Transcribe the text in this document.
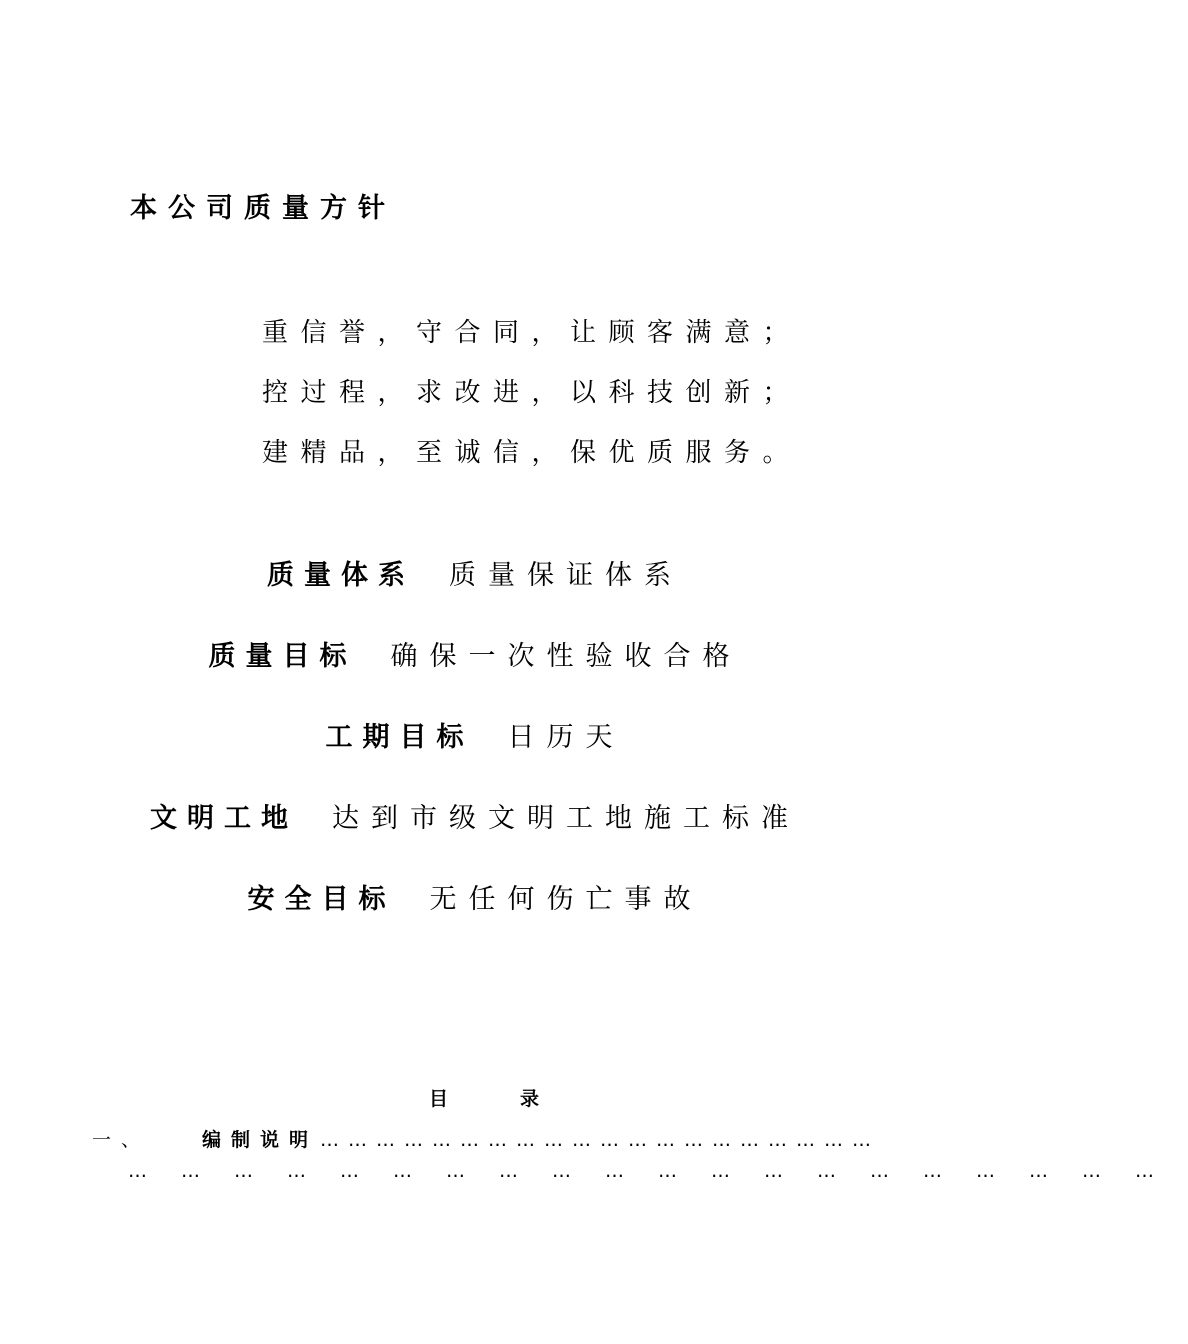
本公司质量方针
重信誉，守合同，让顾客满意；
控过程，求改进，以科技创新；
建精品，至诚信，保优质服务。
质量体系 质量保证体系
质量目标 确保一次性验收合格
工期目标 日历天
文明工地 达到市级文明工地施工标准
安全目标 无任何伤亡事故
目	录
一、	编制说明 ……………………………………………………
……………………………………………………
